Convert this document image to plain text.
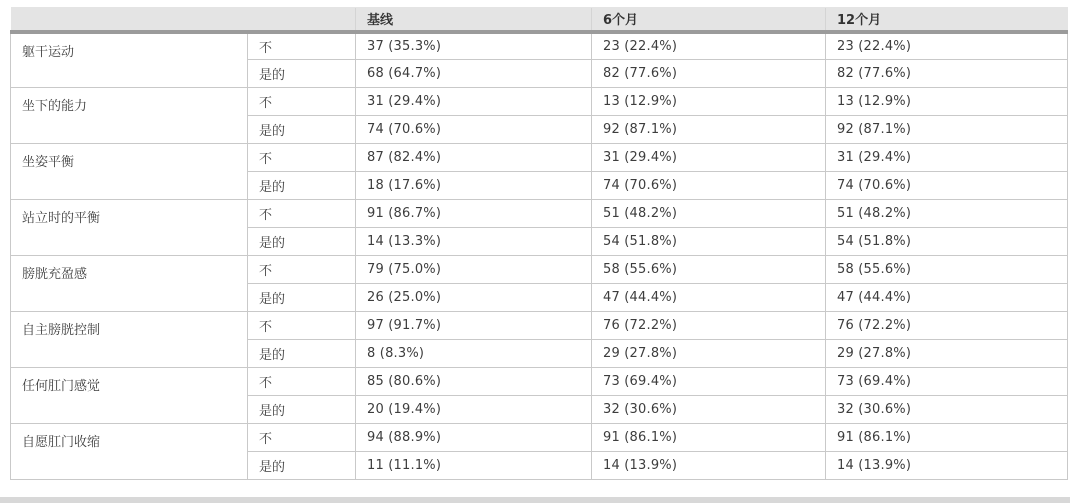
		基线	6个月	12个月
躯干运动	不	37 (35.3%)	23 (22.4%)	23 (22.4%)
	是的	68 (64.7%)	82 (77.6%)	82 (77.6%)
坐下的能力	不	31 (29.4%)	13 (12.9%)	13 (12.9%)
	是的	74 (70.6%)	92 (87.1%)	92 (87.1%)
坐姿平衡	不	87 (82.4%)	31 (29.4%)	31 (29.4%)
	是的	18 (17.6%)	74 (70.6%)	74 (70.6%)
站立时的平衡	不	91 (86.7%)	51 (48.2%)	51 (48.2%)
	是的	14 (13.3%)	54 (51.8%)	54 (51.8%)
膀胱充盈感	不	79 (75.0%)	58 (55.6%)	58 (55.6%)
	是的	26 (25.0%)	47 (44.4%)	47 (44.4%)
自主膀胱控制	不	97 (91.7%)	76 (72.2%)	76 (72.2%)
	是的	8 (8.3%)	29 (27.8%)	29 (27.8%)
任何肛门感觉	不	85 (80.6%)	73 (69.4%)	73 (69.4%)
	是的	20 (19.4%)	32 (30.6%)	32 (30.6%)
自愿肛门收缩	不	94 (88.9%)	91 (86.1%)	91 (86.1%)
	是的	11 (11.1%)	14 (13.9%)	14 (13.9%)
